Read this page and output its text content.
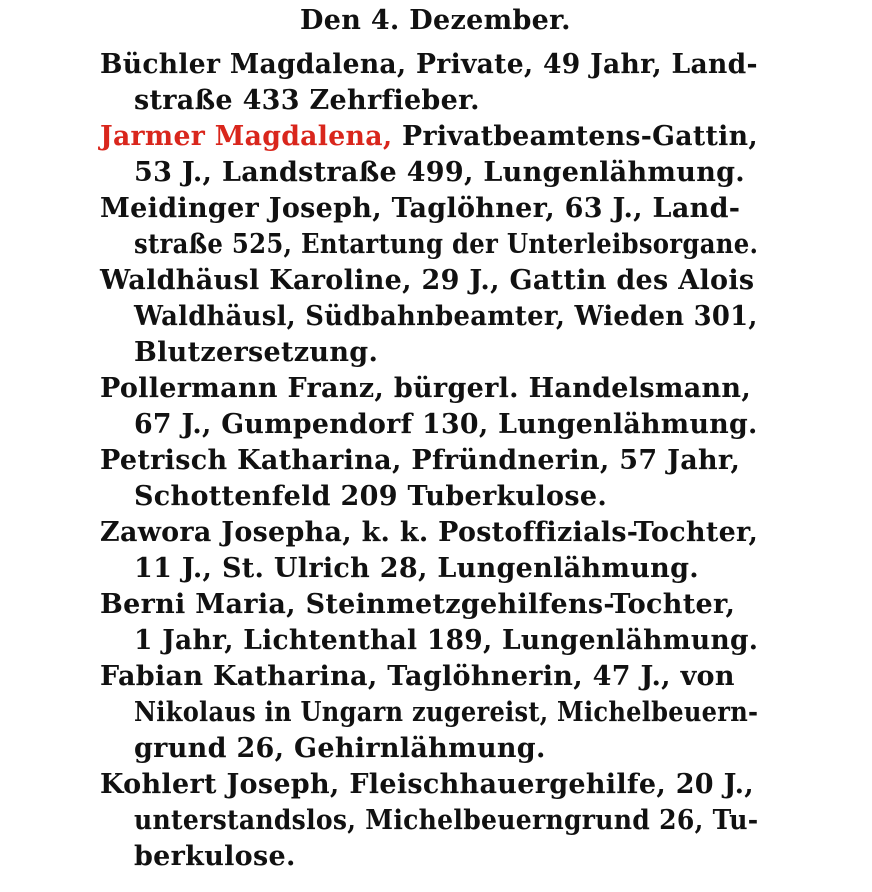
Den 4. Dezember.
Büchler Magdalena, Private, 49 Jahr, Land-
straße 433 Zehrfieber.
Jarmer Magdalena, Privatbeamtens-Gattin,
53 J., Landstraße 499, Lungenlähmung.
Meidinger Joseph, Taglöhner, 63 J., Land-
straße 525, Entartung der Unterleibsorgane.
Waldhäusl Karoline, 29 J., Gattin des Alois
Waldhäusl, Südbahnbeamter, Wieden 301,
Blutzersetzung.
Pollermann Franz, bürgerl. Handelsmann,
67 J., Gumpendorf 130, Lungenlähmung.
Petrisch Katharina, Pfründnerin, 57 Jahr,
Schottenfeld 209 Tuberkulose.
Zawora Josepha, k. k. Postoffizials-Tochter,
11 J., St. Ulrich 28, Lungenlähmung.
Berni Maria, Steinmetzgehilfens-Tochter,
1 Jahr, Lichtenthal 189, Lungenlähmung.
Fabian Katharina, Taglöhnerin, 47 J., von
Nikolaus in Ungarn zugereist, Michelbeuern-
grund 26, Gehirnlähmung.
Kohlert Joseph, Fleischhauergehilfe, 20 J.,
unterstandslos, Michelbeuerngrund 26, Tu-
berkulose.
